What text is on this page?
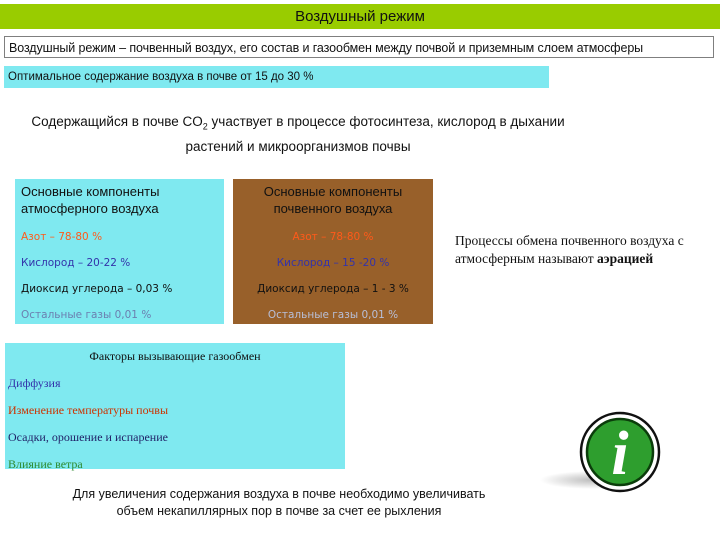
Воздушный режим
Воздушный режим – почвенный воздух, его состав и газообмен между почвой и приземным слоем атмосферы
Оптимальное содержание воздуха в почве от 15 до 30 %
Содержащийся в почве $CO_2$ участвует в процессе фотосинтеза, кислород в дыхании
растений и микроорганизмов почвы
Основные компоненты атмосферного воздуха
Азот – 78-80 %
Кислород – 20-22 %
Диоксид углерода – 0,03 %
Остальные газы 0,01 %
Основные компоненты почвенного воздуха
Азот – 78-80 %
Кислород – 15 -20 %
Диоксид углерода – 1 - 3 %
Остальные газы 0,01 %
Процессы обмена почвенного воздуха с атмосферным называют аэрацией
Факторы вызывающие газообмен
Диффузия
Изменение температуры почвы
Осадки, орошение и испарение
Влияние ветра
Для увеличения содержания воздуха в почве необходимо увеличивать
объем некапиллярных пор в почве за счет ее рыхления
i
